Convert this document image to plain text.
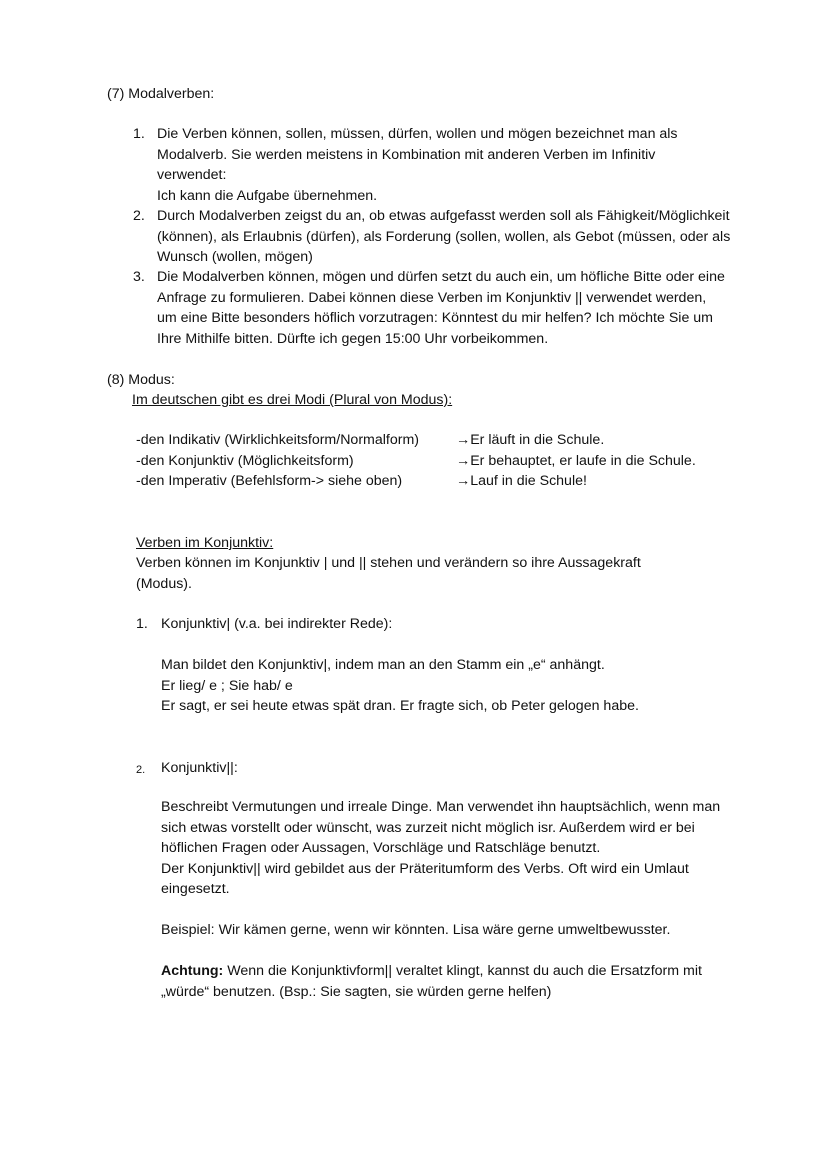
(7) Modalverben:
1. Die Verben können, sollen, müssen, dürfen, wollen und mögen bezeichnet man als
Modalverb. Sie werden meistens in Kombination mit anderen Verben im Infinitiv
verwendet:
Ich kann die Aufgabe übernehmen.
2. Durch Modalverben zeigst du an, ob etwas aufgefasst werden soll als Fähigkeit/Möglichkeit
(können), als Erlaubnis (dürfen), als Forderung (sollen, wollen, als Gebot (müssen, oder als
Wunsch (wollen, mögen)
3. Die Modalverben können, mögen und dürfen setzt du auch ein, um höfliche Bitte oder eine
Anfrage zu formulieren. Dabei können diese Verben im Konjunktiv || verwendet werden,
um eine Bitte besonders höflich vorzutragen: Könntest du mir helfen? Ich möchte Sie um
Ihre Mithilfe bitten. Dürfte ich gegen 15:00 Uhr vorbeikommen.
(8) Modus:
Im deutschen gibt es drei Modi (Plural von Modus):
-den Indikativ (Wirklichkeitsform/Normalform)	→Er läuft in die Schule.
-den Konjunktiv (Möglichkeitsform)	→Er behauptet, er laufe in die Schule.
-den Imperativ (Befehlsform-> siehe oben)	→Lauf in die Schule!
Verben im Konjunktiv:
Verben können im Konjunktiv | und || stehen und verändern so ihre Aussagekraft
(Modus).
1. Konjunktiv| (v.a. bei indirekter Rede):
Man bildet den Konjunktiv|, indem man an den Stamm ein „e“ anhängt.
Er lieg/ e ; Sie hab/ e
Er sagt, er sei heute etwas spät dran. Er fragte sich, ob Peter gelogen habe.
2. Konjunktiv||:
Beschreibt Vermutungen und irreale Dinge. Man verwendet ihn hauptsächlich, wenn man
sich etwas vorstellt oder wünscht, was zurzeit nicht möglich isr. Außerdem wird er bei
höflichen Fragen oder Aussagen, Vorschläge und Ratschläge benutzt.
Der Konjunktiv|| wird gebildet aus der Präteritumform des Verbs. Oft wird ein Umlaut
eingesetzt.
Beispiel: Wir kämen gerne, wenn wir könnten. Lisa wäre gerne umweltbewusster.
Achtung: Wenn die Konjunktivform|| veraltet klingt, kannst du auch die Ersatzform mit
„würde“ benutzen. (Bsp.: Sie sagten, sie würden gerne helfen)
